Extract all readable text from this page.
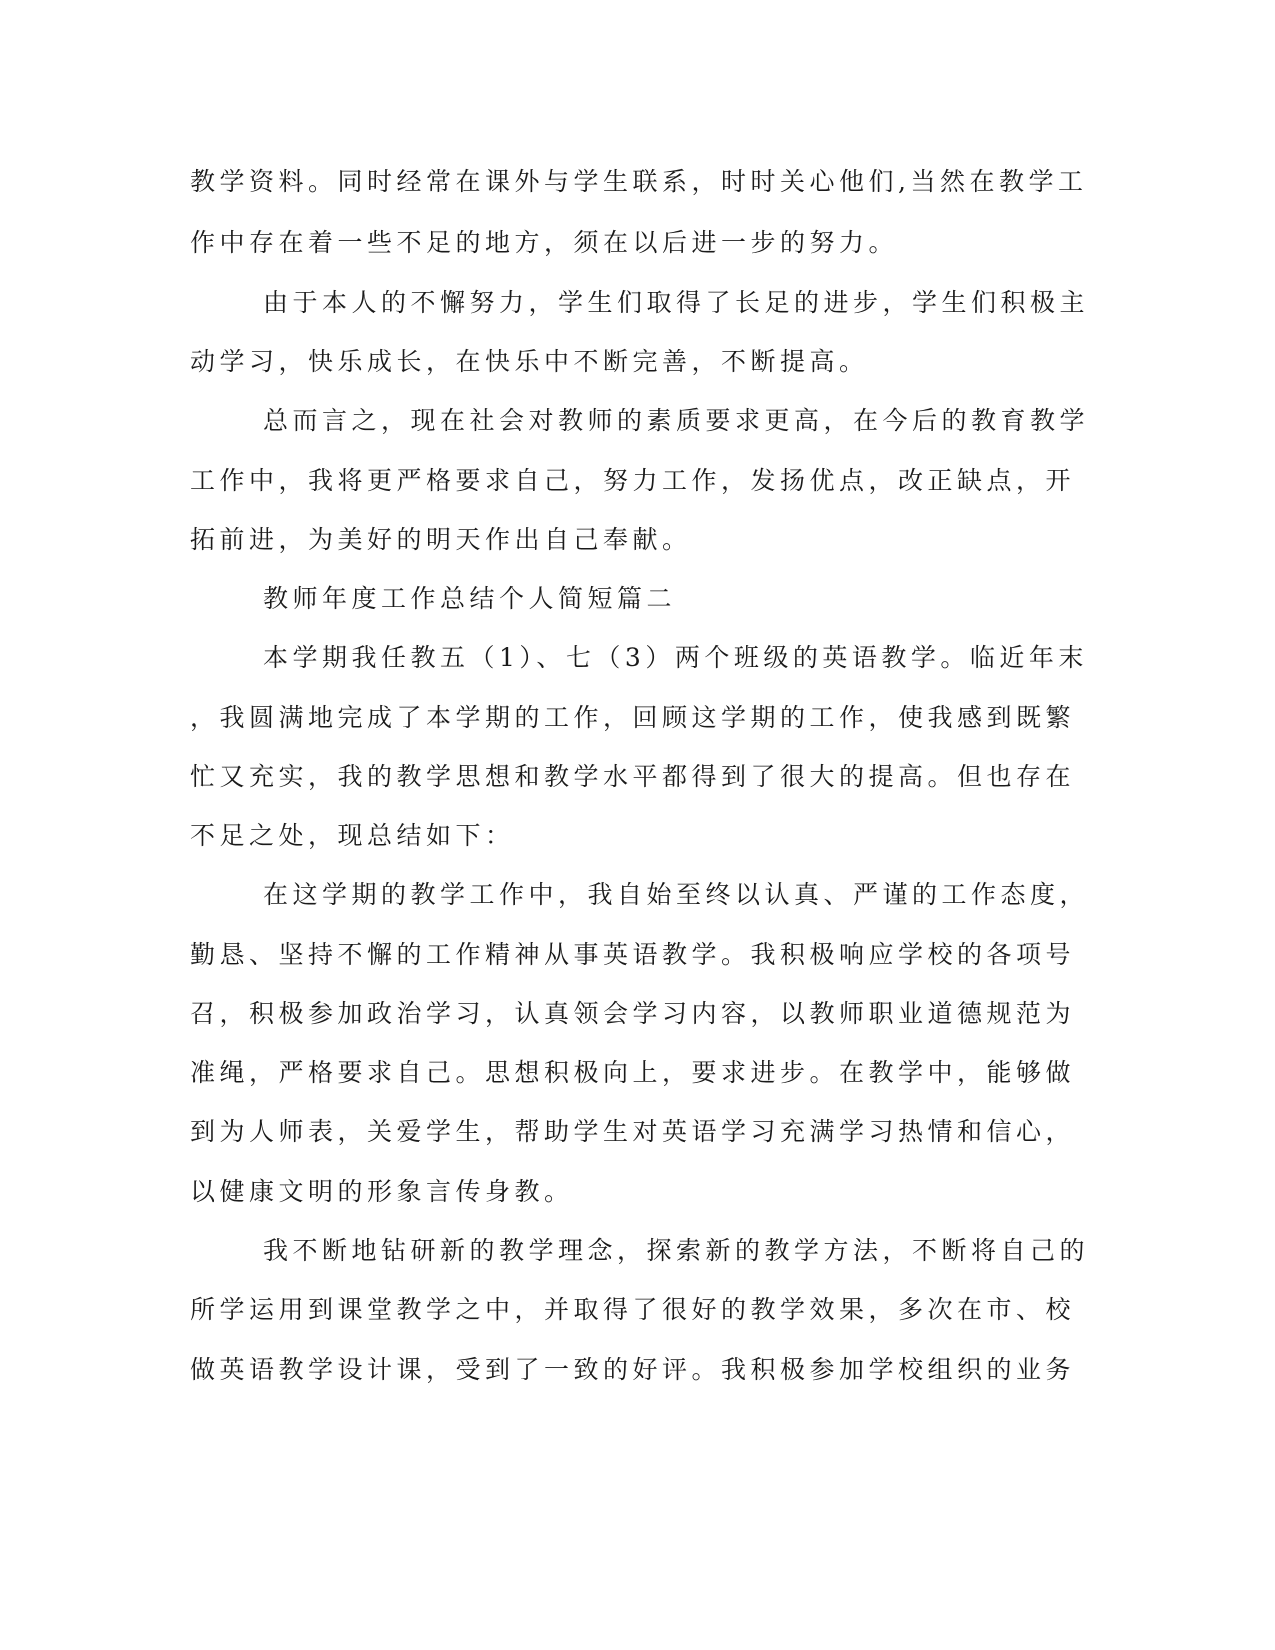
教学资料。同时经常在课外与学生联系，时时关心他们,当然在教学工
作中存在着一些不足的地方，须在以后进一步的努力。
由于本人的不懈努力，学生们取得了长足的进步，学生们积极主
动学习，快乐成长，在快乐中不断完善，不断提高。
总而言之，现在社会对教师的素质要求更高，在今后的教育教学
工作中，我将更严格要求自己，努力工作，发扬优点，改正缺点，开
拓前进，为美好的明天作出自己奉献。
教师年度工作总结个人简短篇二
本学期我任教五（1）、七（3）两个班级的英语教学。临近年末
，我圆满地完成了本学期的工作，回顾这学期的工作，使我感到既繁
忙又充实，我的教学思想和教学水平都得到了很大的提高。但也存在
不足之处，现总结如下：
在这学期的教学工作中，我自始至终以认真、严谨的工作态度，
勤恳、坚持不懈的工作精神从事英语教学。我积极响应学校的各项号
召，积极参加政治学习，认真领会学习内容，以教师职业道德规范为
准绳，严格要求自己。思想积极向上，要求进步。在教学中，能够做
到为人师表，关爱学生，帮助学生对英语学习充满学习热情和信心，
以健康文明的形象言传身教。
我不断地钻研新的教学理念，探索新的教学方法，不断将自己的
所学运用到课堂教学之中，并取得了很好的教学效果，多次在市、校
做英语教学设计课，受到了一致的好评。我积极参加学校组织的业务
